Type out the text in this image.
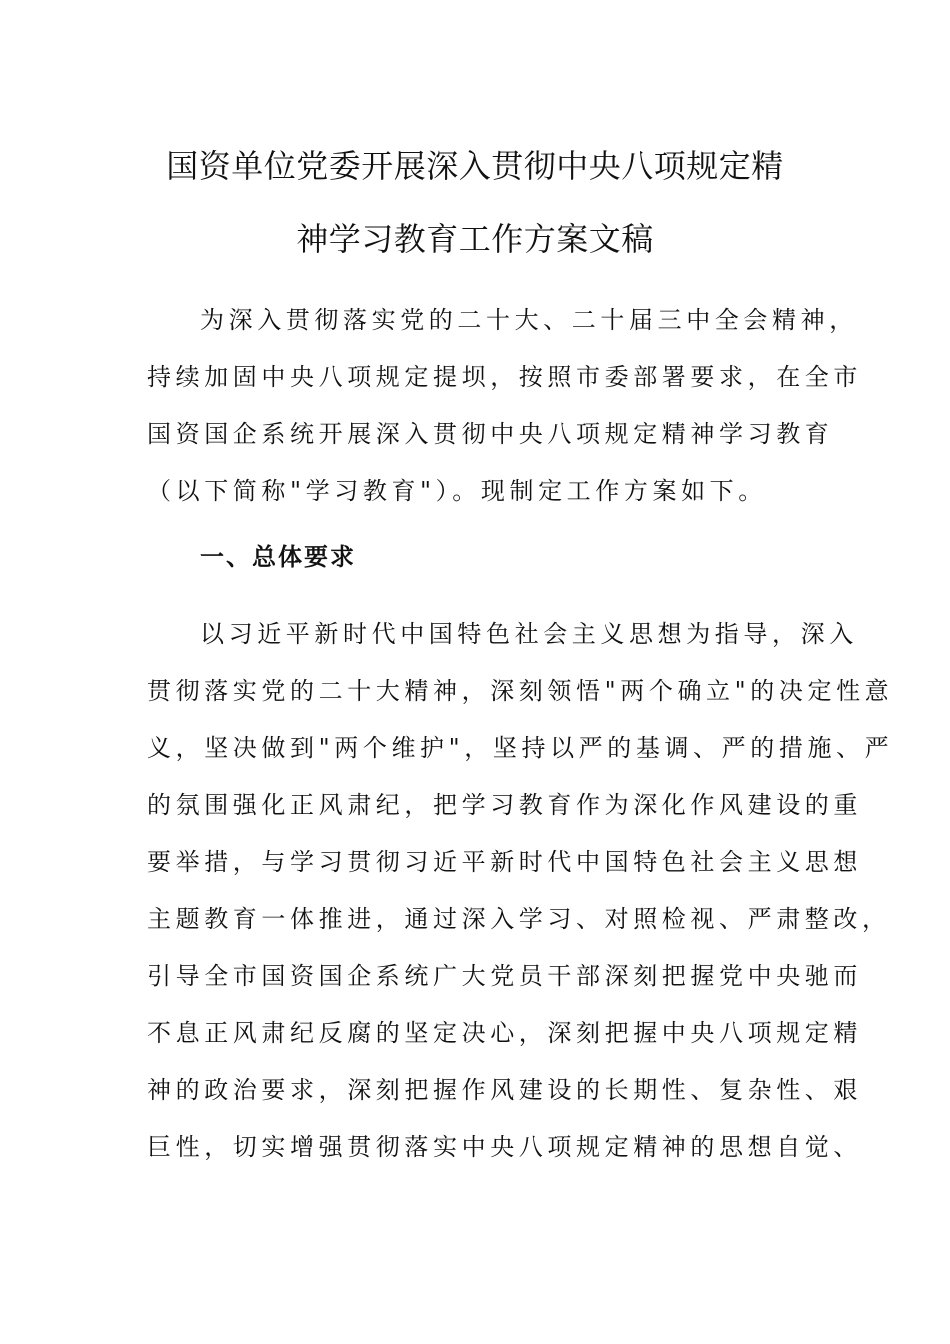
国资单位党委开展深入贯彻中央八项规定精
神学习教育工作方案文稿
为深入贯彻落实党的二十大、二十届三中全会精神，
持续加固中央八项规定提坝，按照市委部署要求，在全市
国资国企系统开展深入贯彻中央八项规定精神学习教育
（以下简称"学习教育"）。现制定工作方案如下。
一、总体要求
以习近平新时代中国特色社会主义思想为指导，深入
贯彻落实党的二十大精神，深刻领悟"两个确立"的决定性意
义，坚决做到"两个维护"，坚持以严的基调、严的措施、严
的氛围强化正风肃纪，把学习教育作为深化作风建设的重
要举措，与学习贯彻习近平新时代中国特色社会主义思想
主题教育一体推进，通过深入学习、对照检视、严肃整改，
引导全市国资国企系统广大党员干部深刻把握党中央驰而
不息正风肃纪反腐的坚定决心，深刻把握中央八项规定精
神的政治要求，深刻把握作风建设的长期性、复杂性、艰
巨性，切实增强贯彻落实中央八项规定精神的思想自觉、
